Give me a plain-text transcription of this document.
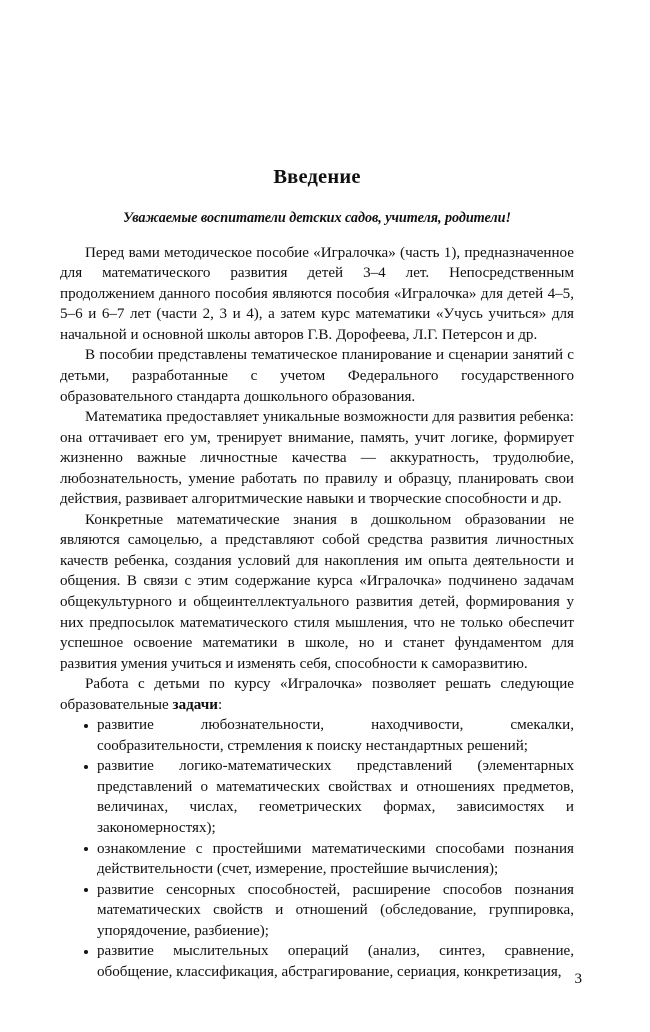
Введение

Уважаемые воспитатели детских садов, учителя, родители!

Перед вами методическое пособие «Игралочка» (часть 1), предназначенное для математического развития детей 3–4 лет. Непосредственным продолжением данного пособия являются пособия «Игралочка» для детей 4–5, 5–6 и 6–7 лет (части 2, 3 и 4), а затем курс математики «Учусь учиться» для начальной и основной школы авторов Г.В. Дорофеева, Л.Г. Петерсон и др.

В пособии представлены тематическое планирование и сценарии занятий с детьми, разработанные с учетом Федерального государственного образовательного стандарта дошкольного образования.

Математика предоставляет уникальные возможности для развития ребенка: она оттачивает его ум, тренирует внимание, память, учит логике, формирует жизненно важные личностные качества — аккуратность, трудолюбие, любознательность, умение работать по правилу и образцу, планировать свои действия, развивает алгоритмические навыки и творческие способности и др.

Конкретные математические знания в дошкольном образовании не являются самоцелью, а представляют собой средства развития личностных качеств ребенка, создания условий для накопления им опыта деятельности и общения. В связи с этим содержание курса «Игралочка» подчинено задачам общекультурного и общеинтеллектуального развития детей, формирования у них предпосылок математического стиля мышления, что не только обеспечит успешное освоение математики в школе, но и станет фундаментом для развития умения учиться и изменять себя, способности к саморазвитию.

Работа с детьми по курсу «Игралочка» позволяет решать следующие образовательные задачи:

развитие любознательности, находчивости, смекалки, сообразительности, стремления к поиску нестандартных решений;
развитие логико-математических представлений (элементарных представлений о математических свойствах и отношениях предметов, величинах, числах, геометрических формах, зависимостях и закономерностях);
ознакомление с простейшими математическими способами познания действительности (счет, измерение, простейшие вычисления);
развитие сенсорных способностей, расширение способов познания математических свойств и отношений (обследование, группировка, упорядочение, разбиение);
развитие мыслительных операций (анализ, синтез, сравнение, обобщение, классификация, абстрагирование, сериация, конкретизация, 3
